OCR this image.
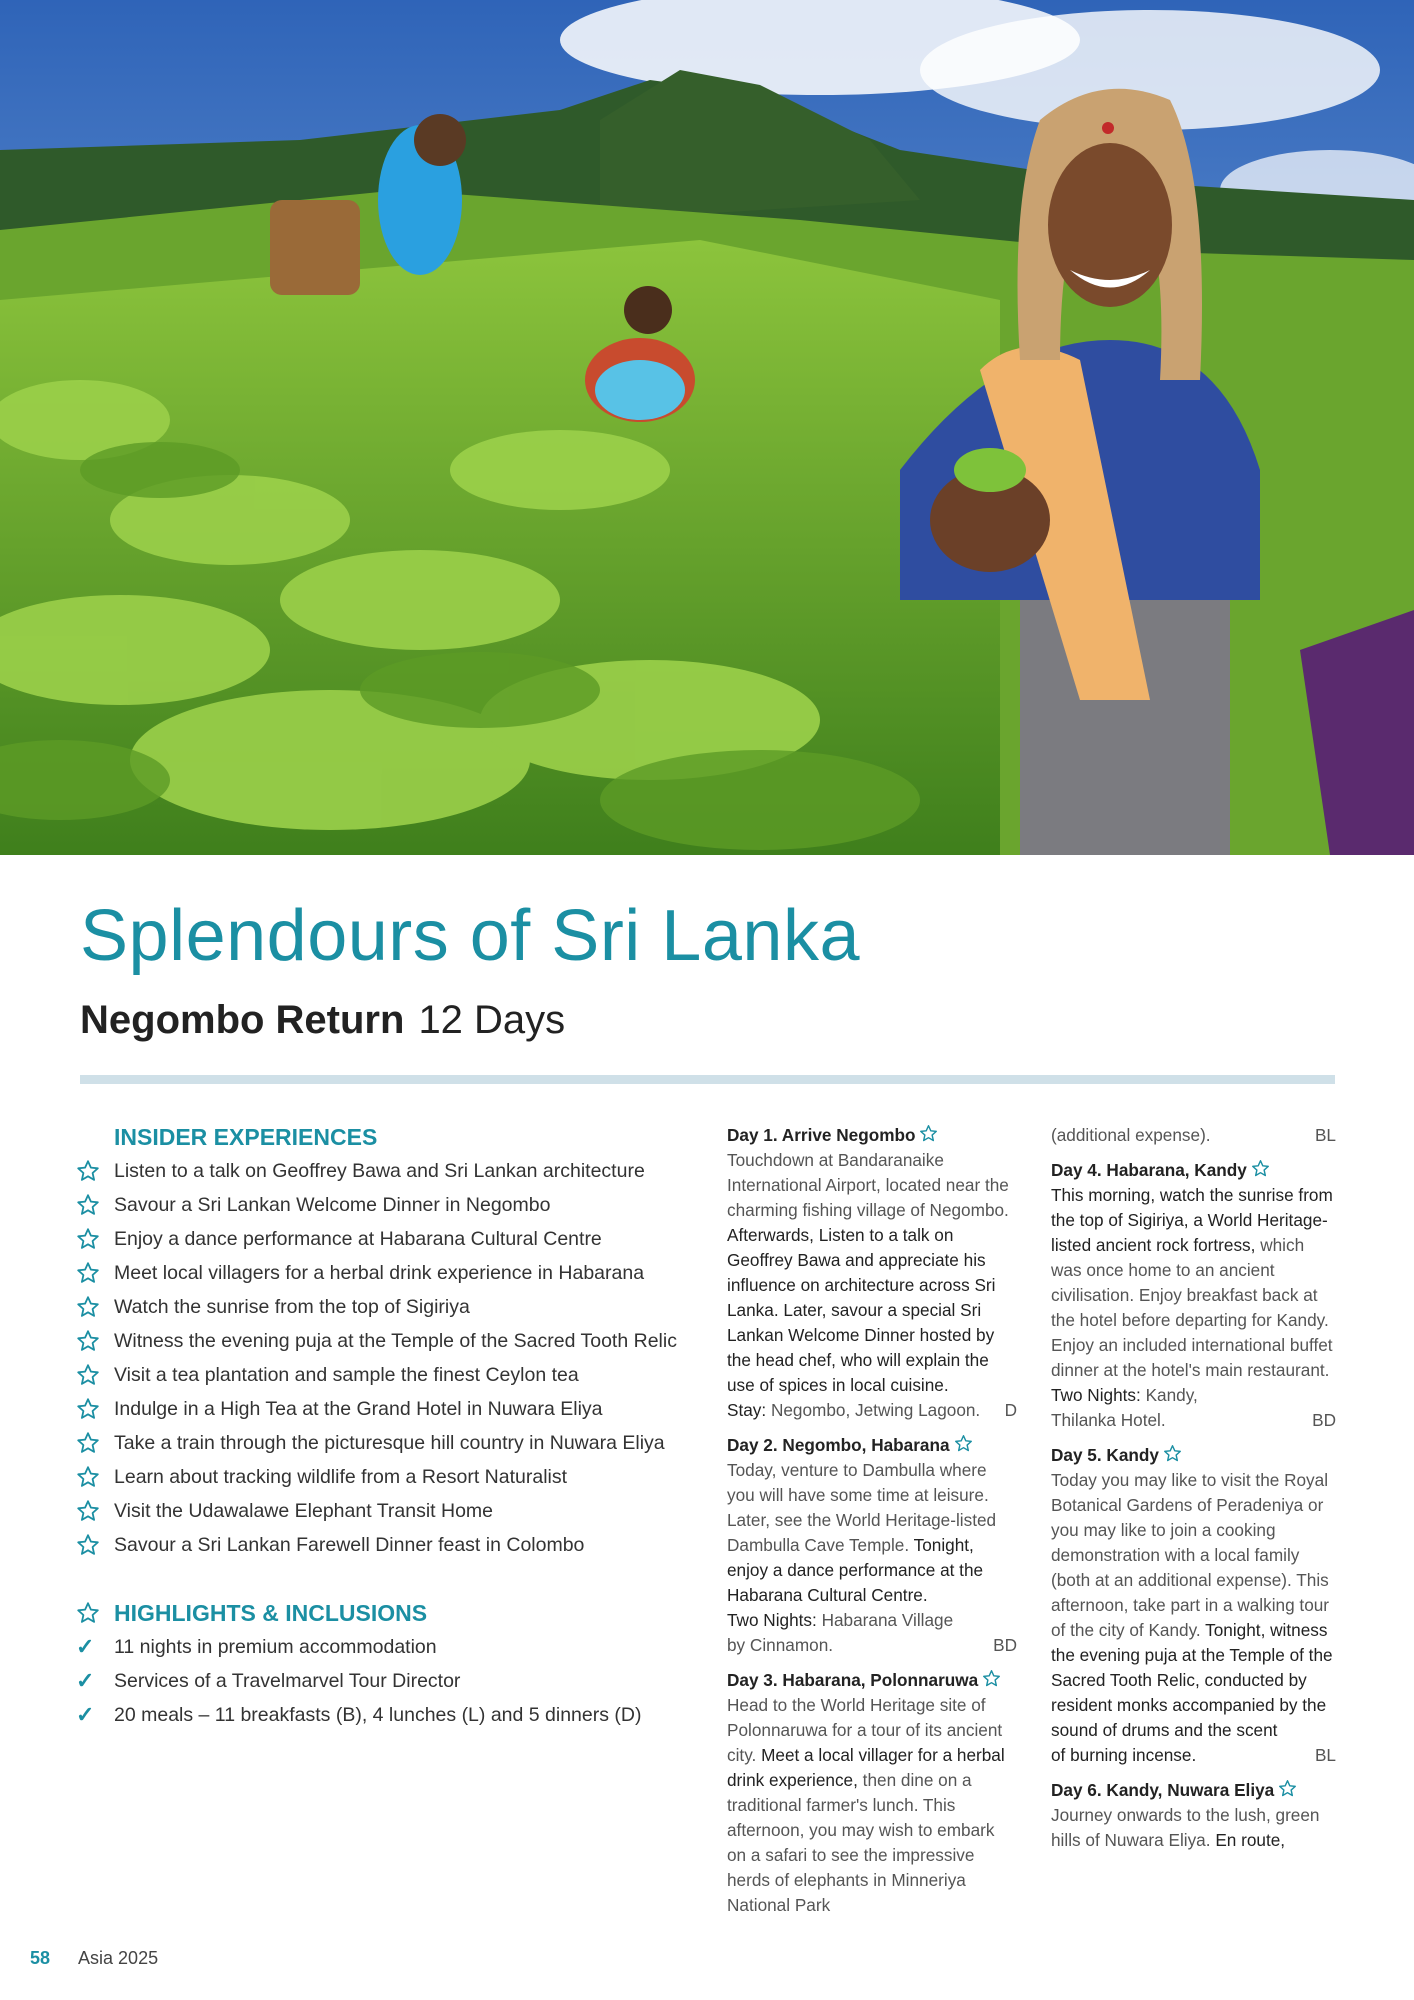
Splendours of Sri Lanka
Negombo Return 12 Days
INSIDER EXPERIENCES
Listen to a talk on Geoffrey Bawa and Sri Lankan architecture
Savour a Sri Lankan Welcome Dinner in Negombo
Enjoy a dance performance at Habarana Cultural Centre
Meet local villagers for a herbal drink experience in Habarana
Watch the sunrise from the top of Sigiriya
Witness the evening puja at the Temple of the Sacred Tooth Relic
Visit a tea plantation and sample the finest Ceylon tea
Indulge in a High Tea at the Grand Hotel in Nuwara Eliya
Take a train through the picturesque hill country in Nuwara Eliya
Learn about tracking wildlife from a Resort Naturalist
Visit the Udawalawe Elephant Transit Home
Savour a Sri Lankan Farewell Dinner feast in Colombo
HIGHLIGHTS & INCLUSIONS
✓	11 nights in premium accommodation
✓	Services of a Travelmarvel Tour Director
✓	20 meals – 11 breakfasts (B), 4 lunches (L) and 5 dinners (D)
Day 1. Arrive Negombo

Touchdown at Bandaranaike International Airport, located near the charming fishing village of Negombo. Afterwards, Listen to a talk on Geoffrey Bawa and appreciate his influence on architecture across Sri Lanka. Later, savour a special Sri Lankan Welcome Dinner hosted by the head chef, who will explain the use of spices in local cuisine.

Stay: Negombo, Jetwing Lagoon. D
Day 2. Negombo, Habarana

Today, venture to Dambulla where you will have some time at leisure. Later, see the World Heritage-listed Dambulla Cave Temple. Tonight, enjoy a dance performance at the Habarana Cultural Centre.

Two Nights: Habarana Village

by Cinnamon.	BD
Day 3. Habarana, Polonnaruwa

Head to the World Heritage site of Polonnaruwa for a tour of its ancient city. Meet a local villager for a herbal drink experience, then dine on a traditional farmer's lunch. This afternoon, you may wish to embark on a safari to see the impressive herds of elephants in Minneriya National Park

(additional expense).	BL
Day 4. Habarana, Kandy

This morning, watch the sunrise from the top of Sigiriya, a World Heritage-listed ancient rock fortress, which was once home to an ancient civilisation. Enjoy breakfast back at the hotel before departing for Kandy. Enjoy an included international buffet dinner at the hotel's main restaurant.

Two Nights: Kandy,

Thilanka Hotel.	BD
Day 5. Kandy

Today you may like to visit the Royal Botanical Gardens of Peradeniya or you may like to join a cooking demonstration with a local family (both at an additional expense). This afternoon, take part in a walking tour of the city of Kandy. Tonight, witness the evening puja at the Temple of the Sacred Tooth Relic, conducted by resident monks accompanied by the sound of drums and the scent

of burning incense.	BL
Day 6. Kandy, Nuwara Eliya

Journey onwards to the lush, green hills of Nuwara Eliya. En route,

58 Asia 2025
